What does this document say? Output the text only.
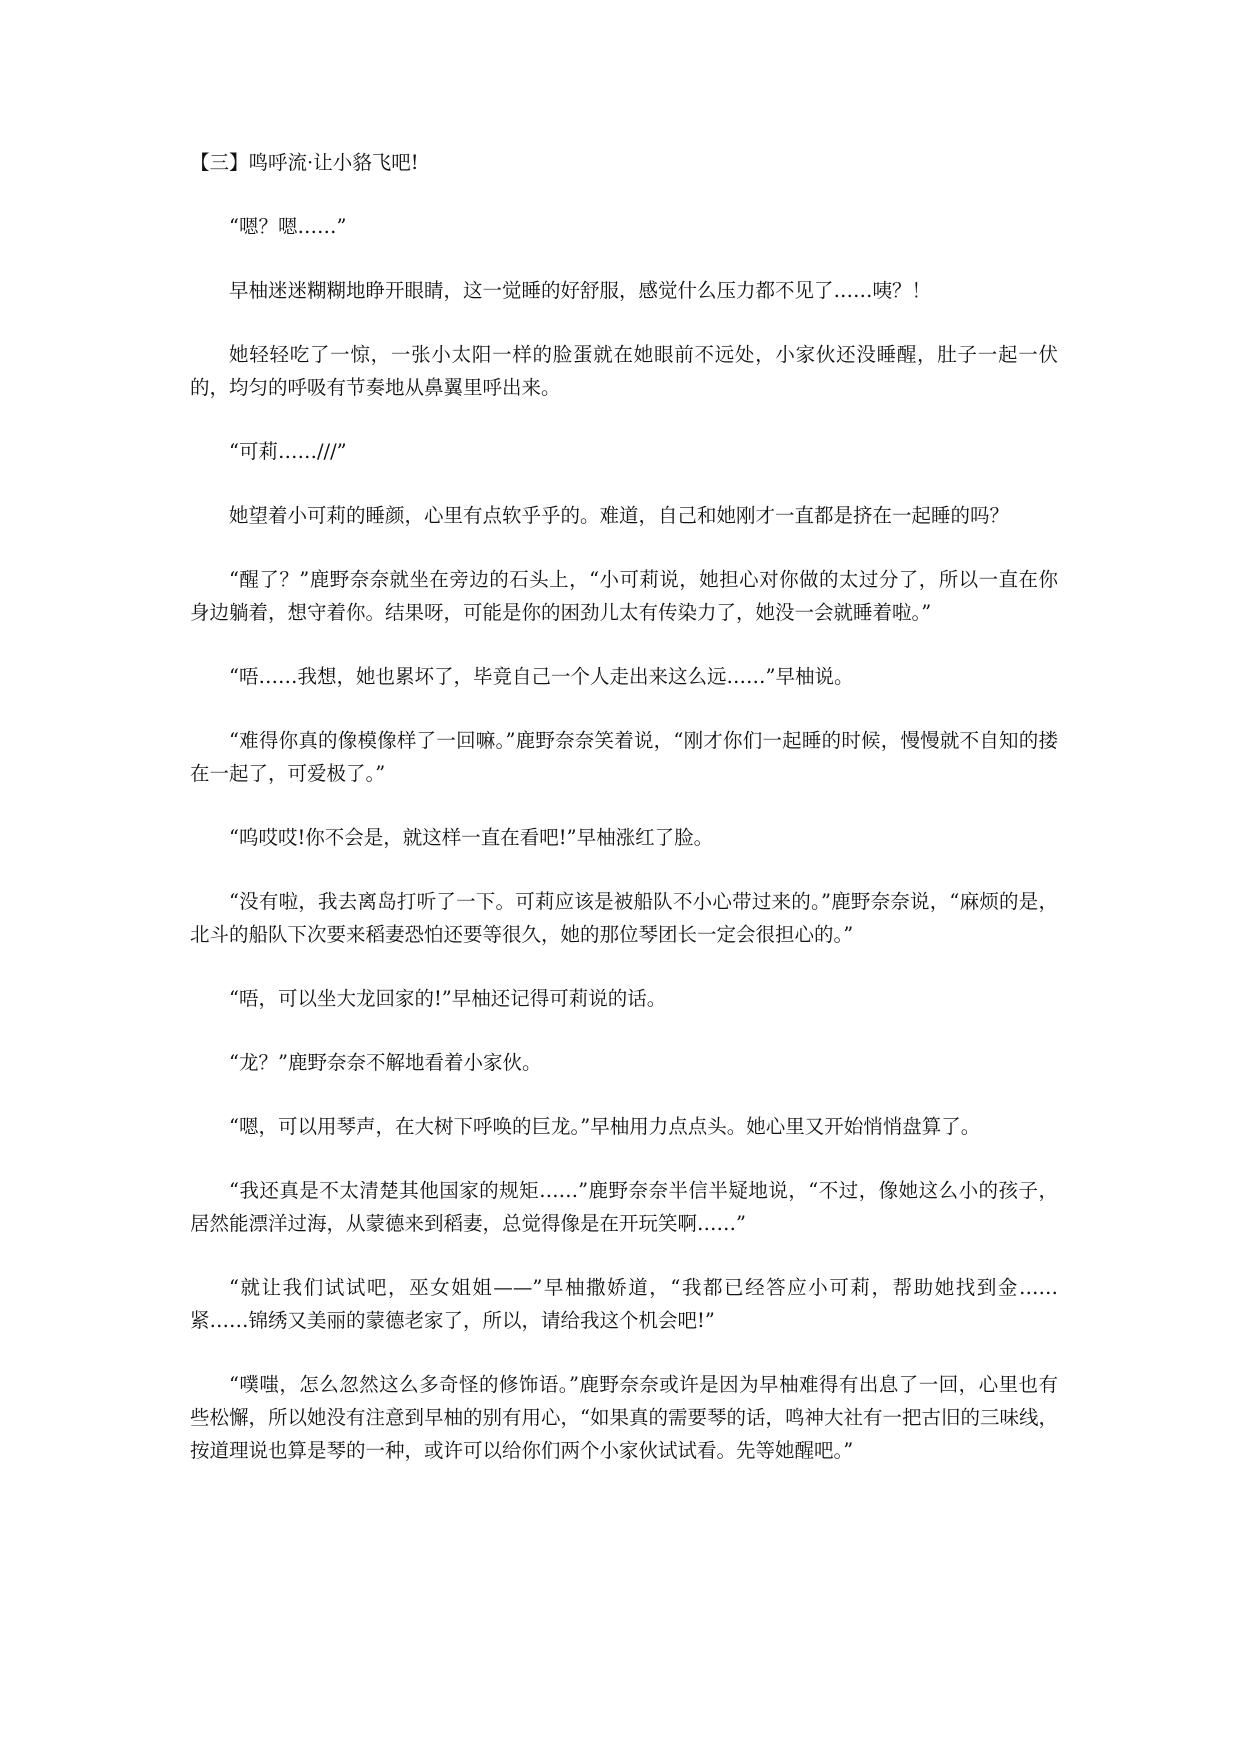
【三】鸣呼流·让小貉飞吧!

“嗯？嗯……”

早柚迷迷糊糊地睁开眼睛，这一觉睡的好舒服，感觉什么压力都不见了……咦？！

她轻轻吃了一惊，一张小太阳一样的脸蛋就在她眼前不远处，小家伙还没睡醒，肚子一起一伏的，均匀的呼吸有节奏地从鼻翼里呼出来。

“可莉……///”

她望着小可莉的睡颜，心里有点软乎乎的。难道，自己和她刚才一直都是挤在一起睡的吗？

“醒了？”鹿野奈奈就坐在旁边的石头上，“小可莉说，她担心对你做的太过分了，所以一直在你身边躺着，想守着你。结果呀，可能是你的困劲儿太有传染力了，她没一会就睡着啦。”

“唔……我想，她也累坏了，毕竟自己一个人走出来这么远……”早柚说。

“难得你真的像模像样了一回嘛。”鹿野奈奈笑着说，“刚才你们一起睡的时候，慢慢就不自知的搂在一起了，可爱极了。”

“呜哎哎!你不会是，就这样一直在看吧!”早柚涨红了脸。

“没有啦，我去离岛打听了一下。可莉应该是被船队不小心带过来的。”鹿野奈奈说，“麻烦的是，北斗的船队下次要来稻妻恐怕还要等很久，她的那位琴团长一定会很担心的。”

“唔，可以坐大龙回家的!”早柚还记得可莉说的话。

“龙？”鹿野奈奈不解地看着小家伙。

“嗯，可以用琴声，在大树下呼唤的巨龙。”早柚用力点点头。她心里又开始悄悄盘算了。

“我还真是不太清楚其他国家的规矩……”鹿野奈奈半信半疑地说，“不过，像她这么小的孩子，居然能漂洋过海，从蒙德来到稻妻，总觉得像是在开玩笑啊……”

“就让我们试试吧，巫女姐姐——”早柚撒娇道，“我都已经答应小可莉，帮助她找到金……紧……锦绣又美丽的蒙德老家了，所以，请给我这个机会吧!”

“噗嗤，怎么忽然这么多奇怪的修饰语。”鹿野奈奈或许是因为早柚难得有出息了一回，心里也有些松懈，所以她没有注意到早柚的别有用心，“如果真的需要琴的话，鸣神大社有一把古旧的三味线，按道理说也算是琴的一种，或许可以给你们两个小家伙试试看。先等她醒吧。”
